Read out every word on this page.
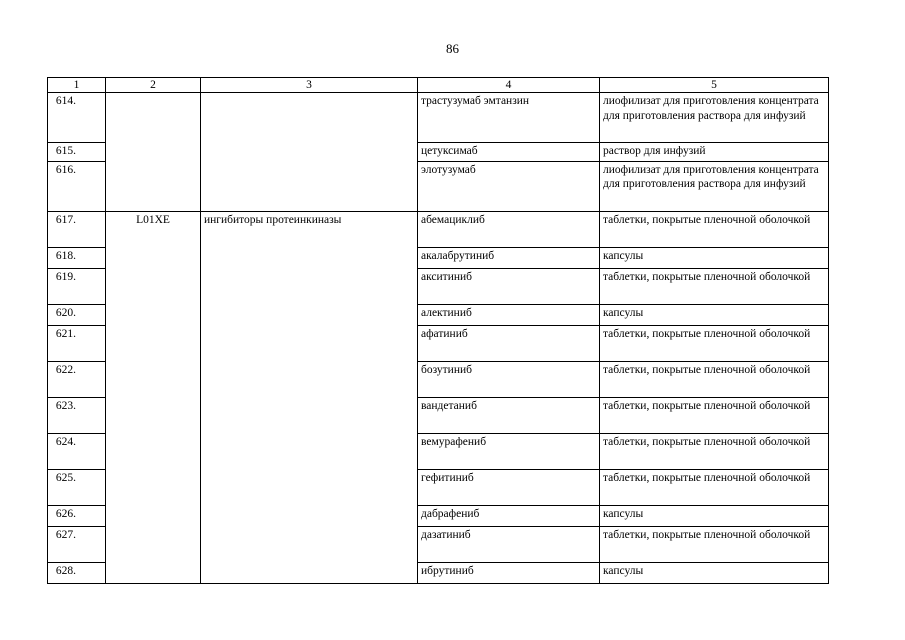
86
1	2	3	4	5
614.			трастузумаб эмтанзин	лиофилизат для приготовления концентрата для приготовления раствора для инфузий
615.			цетуксимаб	раствор для инфузий
616.			элотузумаб	лиофилизат для приготовления концентрата для приготовления раствора для инфузий
617.	L01XE	ингибиторы протеинкиназы	абемациклиб	таблетки, покрытые пленочной оболочкой
618.			акалабрутиниб	капсулы
619.			акситиниб	таблетки, покрытые пленочной оболочкой
620.			алектиниб	капсулы
621.			афатиниб	таблетки, покрытые пленочной оболочкой
622.			бозутиниб	таблетки, покрытые пленочной оболочкой
623.			вандетаниб	таблетки, покрытые пленочной оболочкой
624.			вемурафениб	таблетки, покрытые пленочной оболочкой
625.			гефитиниб	таблетки, покрытые пленочной оболочкой
626.			дабрафениб	капсулы
627.			дазатиниб	таблетки, покрытые пленочной оболочкой
628.			ибрутиниб	капсулы
